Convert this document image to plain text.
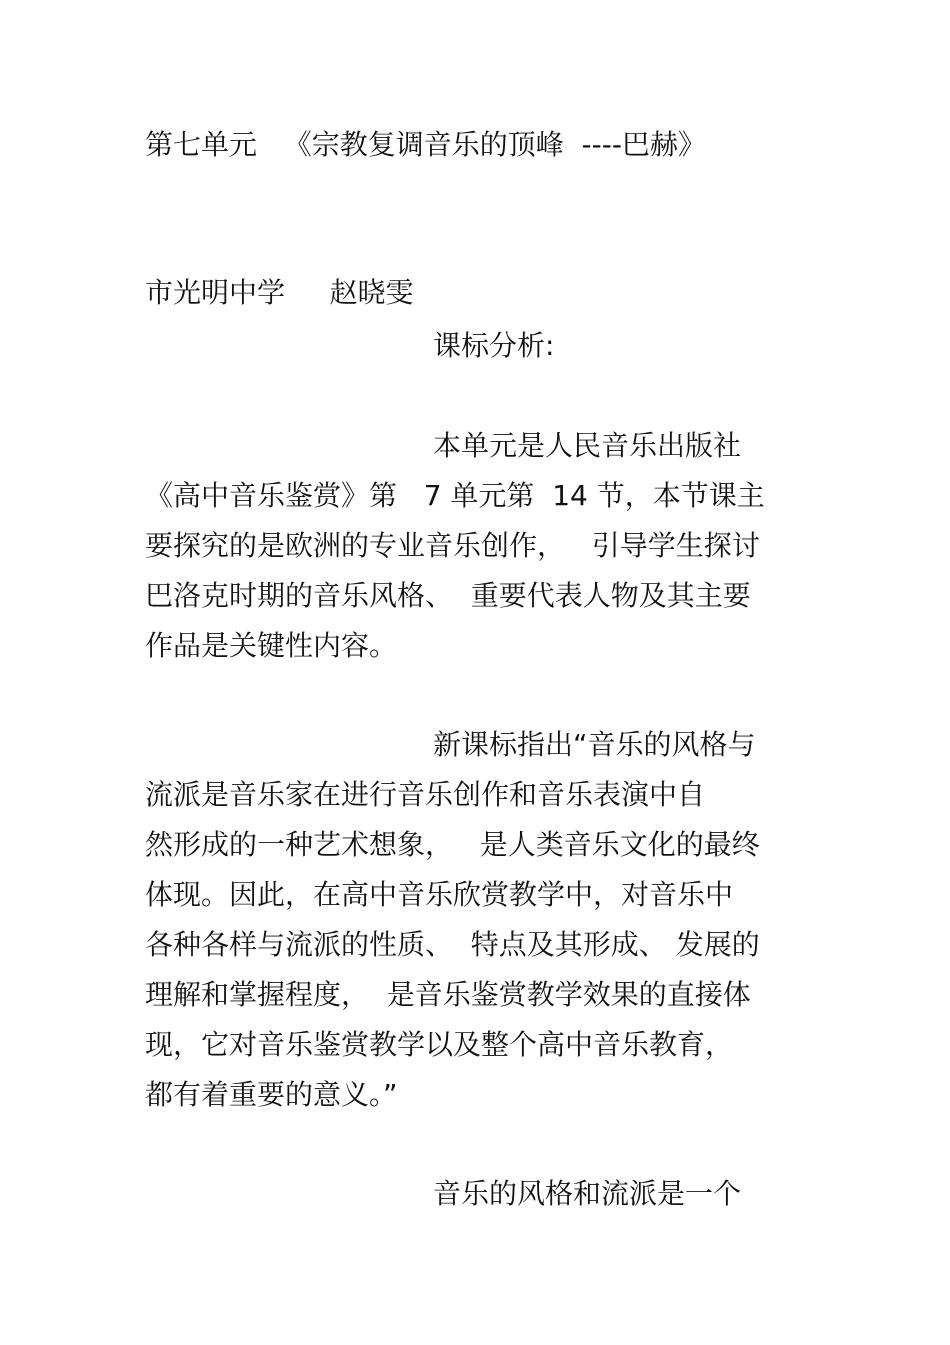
第七单元   《宗教复调音乐的顶峰  ----巴赫》

市光明中学     赵晓雯

课标分析:

本单元是人民音乐出版社

《高中音乐鉴赏》第   7 单元第  14 节，本节课主

要探究的是欧洲的专业音乐创作，   引导学生探讨

巴洛克时期的音乐风格、  重要代表人物及其主要

作品是关键性内容。

新课标指出“音乐的风格与

流派是音乐家在进行音乐创作和音乐表演中自

然形成的一种艺术想象，   是人类音乐文化的最终

体现。因此，在高中音乐欣赏教学中，对音乐中

各种各样与流派的性质、  特点及其形成、 发展的

理解和掌握程度，  是音乐鉴赏教学效果的直接体

现，它对音乐鉴赏教学以及整个高中音乐教育，

都有着重要的意义。”

音乐的风格和流派是一个
